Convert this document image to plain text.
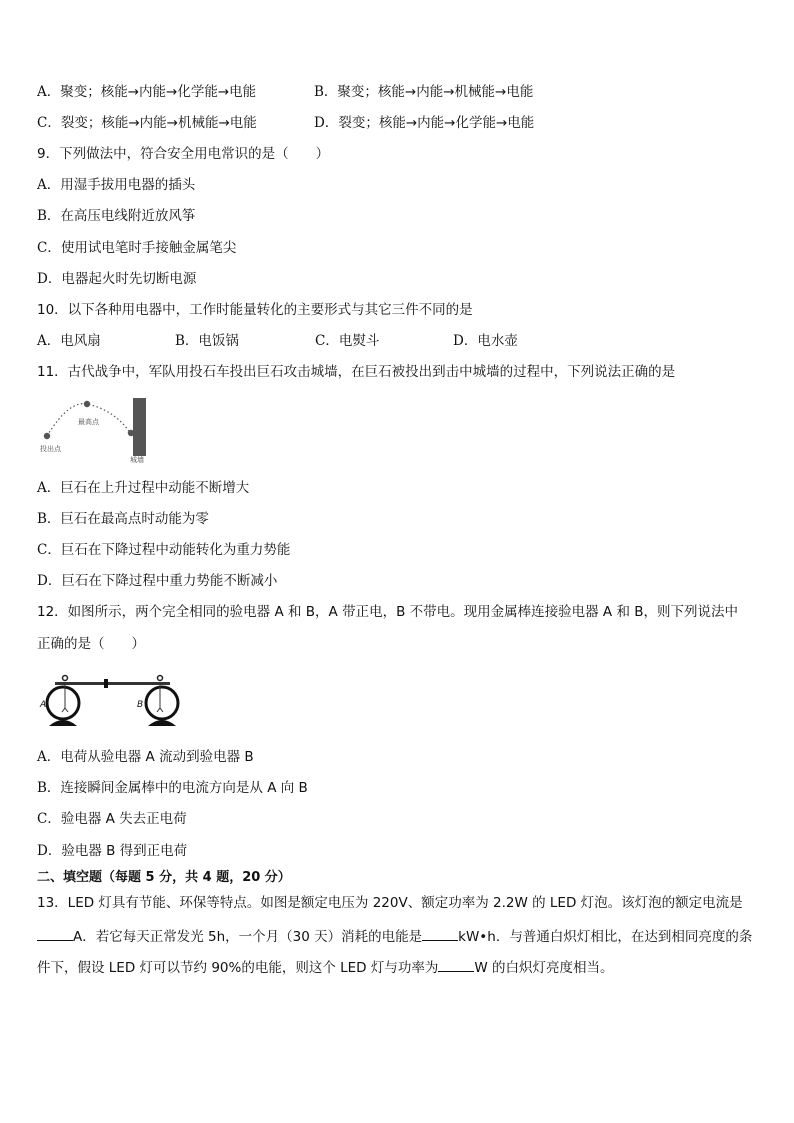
A．聚变；核能→内能→化学能→电能	B．聚变；核能→内能→机械能→电能
C．裂变；核能→内能→机械能→电能	D．裂变；核能→内能→化学能→电能
9．下列做法中，符合安全用电常识的是（　　）
A．用湿手拔用电器的插头
B．在高压电线附近放风筝
C．使用试电笔时手接触金属笔尖
D．电器起火时先切断电源
10．以下各种用电器中，工作时能量转化的主要形式与其它三件不同的是
A．电风扇	B．电饭锅	C．电熨斗	D．电水壶
11．古代战争中，军队用投石车投出巨石攻击城墙，在巨石被投出到击中城墙的过程中，下列说法正确的是
投出点
最高点
城墙
A．巨石在上升过程中动能不断增大
B．巨石在最高点时动能为零
C．巨石在下降过程中动能转化为重力势能
D．巨石在下降过程中重力势能不断减小
12．如图所示，两个完全相同的验电器 A 和 B，A 带正电，B 不带电。现用金属棒连接验电器 A 和 B，则下列说法中
正确的是（　　）
A	B
A．电荷从验电器 A 流动到验电器 B
B．连接瞬间金属棒中的电流方向是从 A 向 B
C．验电器 A 失去正电荷
D．验电器 B 得到正电荷
二、填空题（每题 5 分，共 4 题，20 分）
13．LED 灯具有节能、环保等特点。如图是额定电压为 220V、额定功率为 2.2W 的 LED 灯泡。该灯泡的额定电流是
A．若它每天正常发光 5h，一个月（30 天）消耗的电能是	kW•h．与普通白炽灯相比，在达到相同亮度的条
件下，假设 LED 灯可以节约 90%的电能，则这个 LED 灯与功率为	W 的白炽灯亮度相当。
